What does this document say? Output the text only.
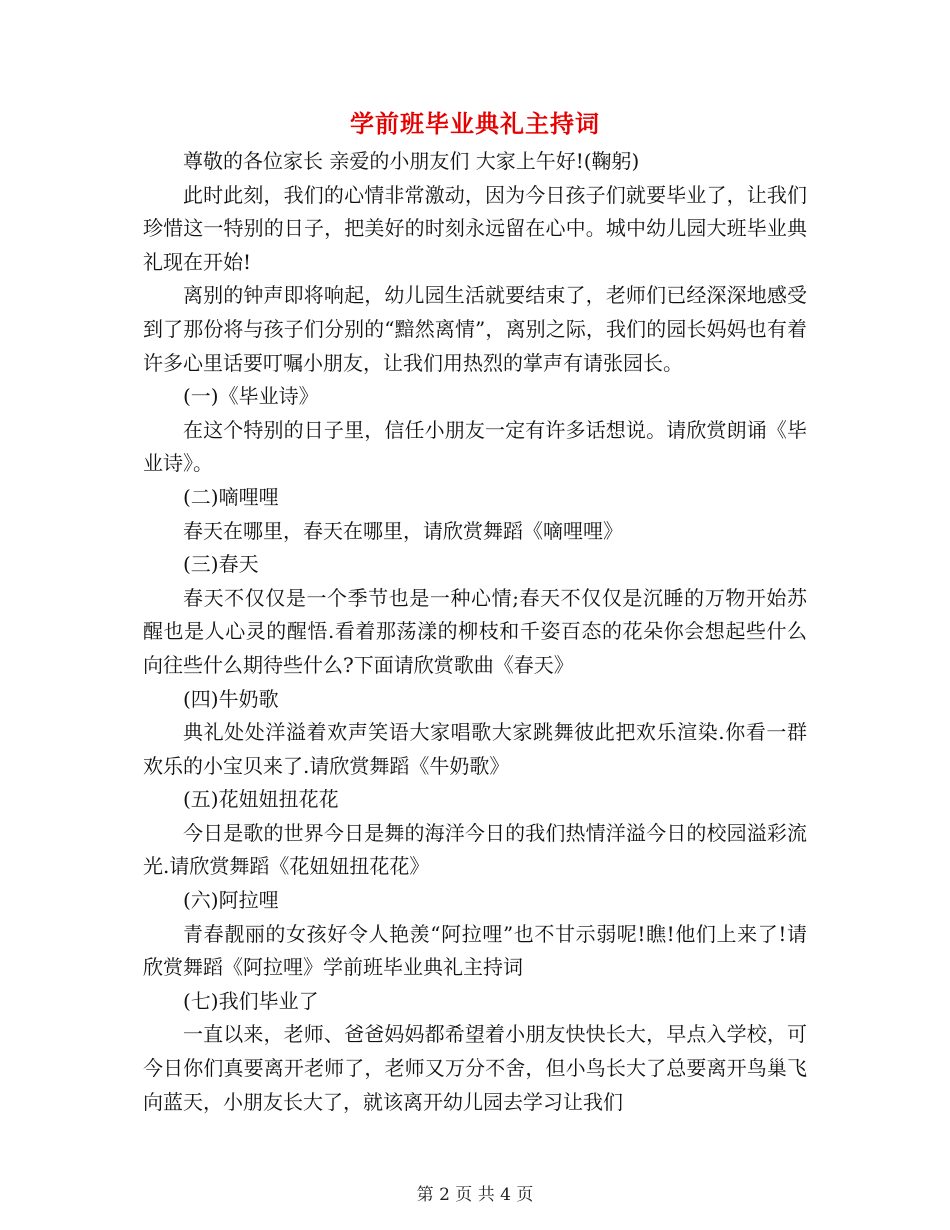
学前班毕业典礼主持词

尊敬的各位家长 亲爱的小朋友们 大家上午好!(鞠躬)

此时此刻，我们的心情非常激动，因为今日孩子们就要毕业了，让我们珍惜这一特别的日子，把美好的时刻永远留在心中。城中幼儿园大班毕业典礼现在开始!

离别的钟声即将响起，幼儿园生活就要结束了，老师们已经深深地感受到了那份将与孩子们分别的“黯然离情”，离别之际，我们的园长妈妈也有着许多心里话要叮嘱小朋友，让我们用热烈的掌声有请张园长。

(一)《毕业诗》

在这个特别的日子里，信任小朋友一定有许多话想说。请欣赏朗诵《毕业诗》。

(二)嘀哩哩

春天在哪里，春天在哪里，请欣赏舞蹈《嘀哩哩》

(三)春天

春天不仅仅是一个季节也是一种心情;春天不仅仅是沉睡的万物开始苏醒也是人心灵的醒悟.看着那荡漾的柳枝和千姿百态的花朵你会想起些什么向往些什么期待些什么?下面请欣赏歌曲《春天》

(四)牛奶歌

典礼处处洋溢着欢声笑语大家唱歌大家跳舞彼此把欢乐渲染.你看一群欢乐的小宝贝来了.请欣赏舞蹈《牛奶歌》

(五)花妞妞扭花花

今日是歌的世界今日是舞的海洋今日的我们热情洋溢今日的校园溢彩流光.请欣赏舞蹈《花妞妞扭花花》

(六)阿拉哩

青春靓丽的女孩好令人艳羡“阿拉哩”也不甘示弱呢!瞧!他们上来了!请欣赏舞蹈《阿拉哩》学前班毕业典礼主持词

(七)我们毕业了

一直以来，老师、爸爸妈妈都希望着小朋友快快长大，早点入学校，可今日你们真要离开老师了，老师又万分不舍，但小鸟长大了总要离开鸟巢飞向蓝天，小朋友长大了，就该离开幼儿园去学习让我们

第 2 页 共 4 页
